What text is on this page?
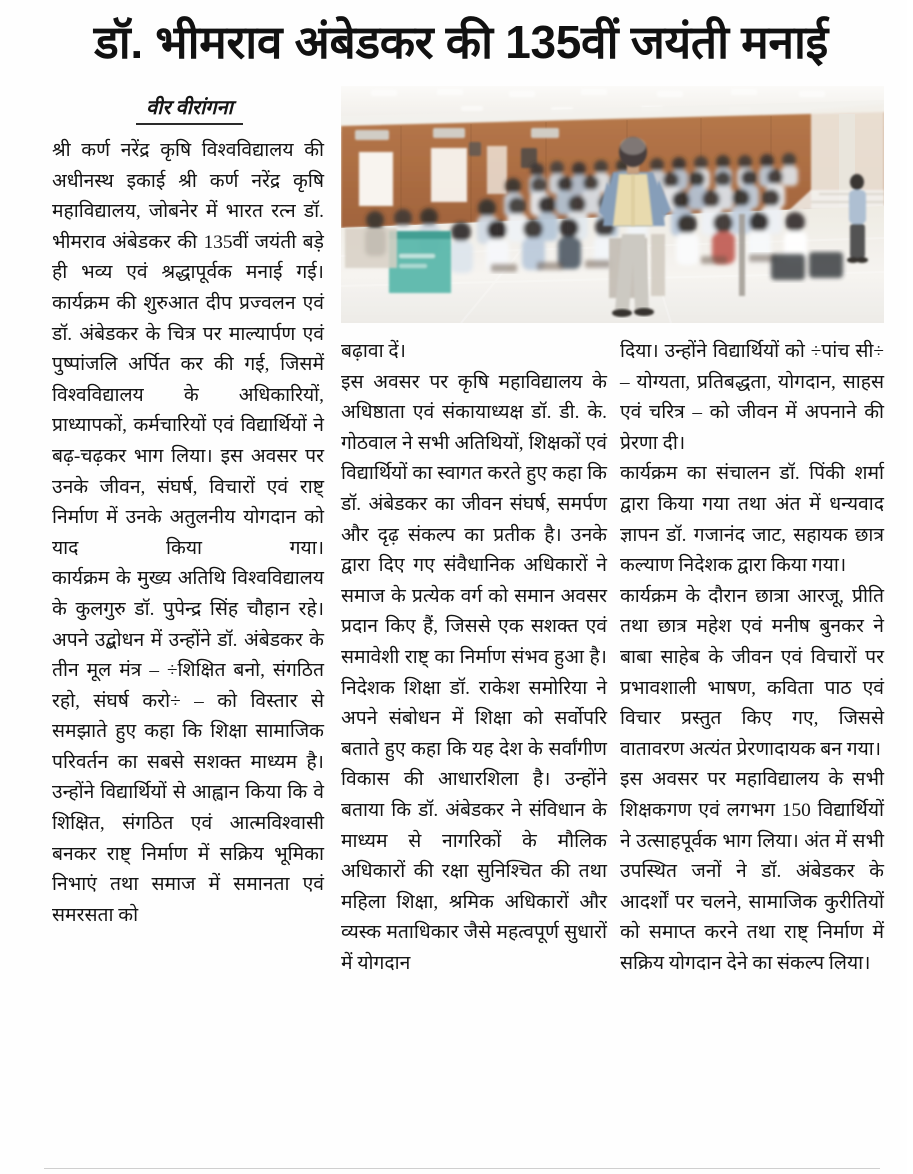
डॉ. भीमराव अंबेडकर की 135वीं जयंती मनाई
वीर वीरांगना

श्री कर्ण नरेंद्र कृषि विश्वविद्यालय की अधीनस्थ इकाई श्री कर्ण नरेंद्र कृषि महाविद्यालय, जोबनेर में भारत रत्न डॉ. भीमराव अंबेडकर की 135वीं जयंती बड़े ही भव्य एवं श्रद्धापूर्वक मनाई गई। कार्यक्रम की शुरुआत दीप प्रज्वलन एवं डॉ. अंबेडकर के चित्र पर माल्यार्पण एवं पुष्पांजलि अर्पित कर की गई, जिसमें विश्वविद्यालय के अधिकारियों, प्राध्यापकों, कर्मचारियों एवं विद्यार्थियों ने बढ़-चढ़कर भाग लिया। इस अवसर पर उनके जीवन, संघर्ष, विचारों एवं राष्ट् निर्माण में उनके अतुलनीय योगदान को याद किया गया।

कार्यक्रम के मुख्य अतिथि विश्वविद्यालय के कुलगुरु डॉ. पुपेन्द्र सिंह चौहान रहे। अपने उद्बोधन में उन्होंने डॉ. अंबेडकर के तीन मूल मंत्र – ÷शिक्षित बनो, संगठित रहो, संघर्ष करो÷ – को विस्तार से समझाते हुए कहा कि शिक्षा सामाजिक परिवर्तन का सबसे सशक्त माध्यम है। उन्होंने विद्यार्थियों से आह्वान किया कि वे शिक्षित, संगठित एवं आत्मविश्वासी बनकर राष्ट् निर्माण में सक्रिय भूमिका निभाएं तथा समाज में समानता एवं समरसता को

बढ़ावा दें।

इस अवसर पर कृषि महाविद्यालय के अधिष्ठाता एवं संकायाध्यक्ष डॉ. डी. के. गोठवाल ने सभी अतिथियों, शिक्षकों एवं विद्यार्थियों का स्वागत करते हुए कहा कि डॉ. अंबेडकर का जीवन संघर्ष, समर्पण और दृढ़ संकल्प का प्रतीक है। उनके द्वारा दिए गए संवैधानिक अधिकारों ने समाज के प्रत्येक वर्ग को समान अवसर प्रदान किए हैं, जिससे एक सशक्त एवं समावेशी राष्ट् का निर्माण संभव हुआ है।

निदेशक शिक्षा डॉ. राकेश समोरिया ने अपने संबोधन में शिक्षा को सर्वोपरि बताते हुए कहा कि यह देश के सर्वांगीण विकास की आधारशिला है। उन्होंने बताया कि डॉ. अंबेडकर ने संविधान के माध्यम से नागरिकों के मौलिक अधिकारों की रक्षा सुनिश्चित की तथा महिला शिक्षा, श्रमिक अधिकारों और व्यस्क मताधिकार जैसे महत्वपूर्ण सुधारों में योगदान

दिया। उन्होंने विद्यार्थियों को ÷पांच सी÷ – योग्यता, प्रतिबद्धता, योगदान, साहस एवं चरित्र – को जीवन में अपनाने की प्रेरणा दी।

कार्यक्रम का संचालन डॉ. पिंकी शर्मा द्वारा किया गया तथा अंत में धन्यवाद ज्ञापन डॉ. गजानंद जाट, सहायक छात्र कल्याण निदेशक द्वारा किया गया।

कार्यक्रम के दौरान छात्रा आरजू, प्रीति तथा छात्र महेश एवं मनीष बुनकर ने बाबा साहेब के जीवन एवं विचारों पर प्रभावशाली भाषण, कविता पाठ एवं विचार प्रस्तुत किए गए, जिससे वातावरण अत्यंत प्रेरणादायक बन गया।

इस अवसर पर महाविद्यालय के सभी शिक्षकगण एवं लगभग 150 विद्यार्थियों ने उत्साहपूर्वक भाग लिया। अंत में सभी उपस्थित जनों ने डॉ. अंबेडकर के आदर्शों पर चलने, सामाजिक कुरीतियों को समाप्त करने तथा राष्ट् निर्माण में सक्रिय योगदान देने का संकल्प लिया।
